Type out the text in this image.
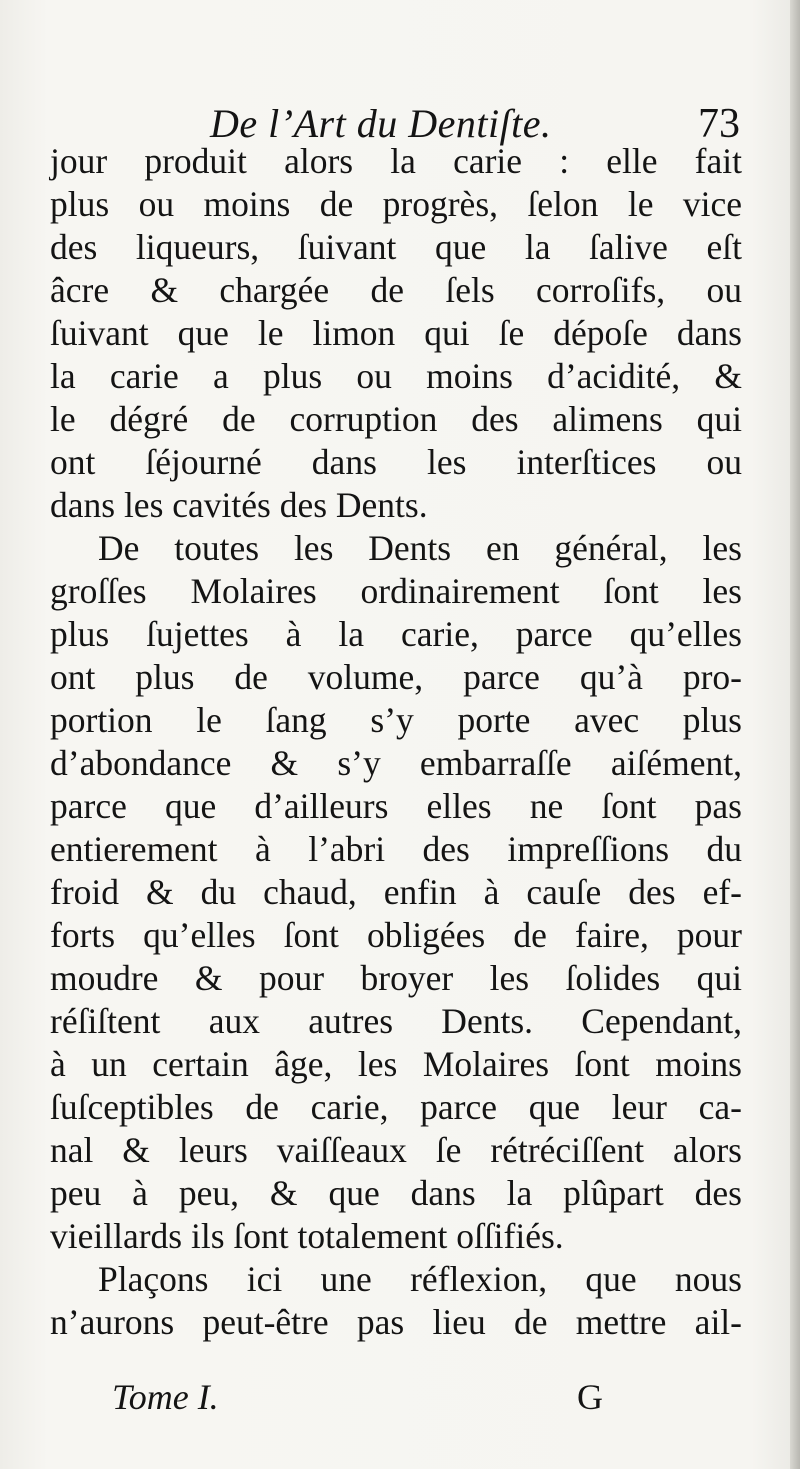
De l’Art du Dentiſte.	73
jour produit alors la carie : elle fait
plus ou moins de progrès, ſelon le vice
des liqueurs, ſuivant que la ſalive eſt
âcre & chargée de ſels corroſifs, ou
ſuivant que le limon qui ſe dépoſe dans
la carie a plus ou moins d’acidité, &
le dégré de corruption des alimens qui
ont ſéjourné dans les interſtices ou
dans les cavités des Dents.
De toutes les Dents en général, les
groſſes Molaires ordinairement ſont les
plus ſujettes à la carie, parce qu’elles
ont plus de volume, parce qu’à pro-
portion le ſang s’y porte avec plus
d’abondance & s’y embarraſſe aiſément,
parce que d’ailleurs elles ne ſont pas
entierement à l’abri des impreſſions du
froid & du chaud, enfin à cauſe des ef-
forts qu’elles ſont obligées de faire, pour
moudre & pour broyer les ſolides qui
réſiſtent aux autres Dents. Cependant,
à un certain âge, les Molaires ſont moins
ſuſceptibles de carie, parce que leur ca-
nal & leurs vaiſſeaux ſe rétréciſſent alors
peu à peu, & que dans la plûpart des
vieillards ils ſont totalement oſſifiés.
Plaçons ici une réflexion, que nous
n’aurons peut-être pas lieu de mettre ail-
Tome I.	G
